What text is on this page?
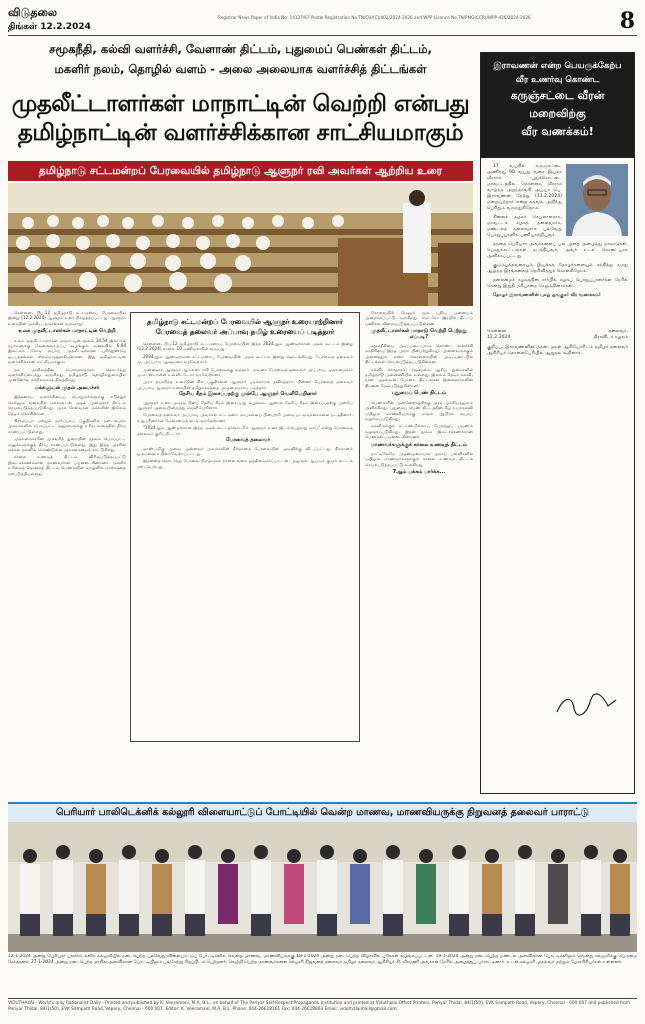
விடுதலை
திங்கள் 12.2.2024
Registrar News Paper of India No: 14127/67 Postal Registration No.TN/CH/(C)/402/2024-2026 and WPP Licence No.TN/PMG(CCR)/WPP-426/2024-2026	8
சமூகநீதி, கல்வி வளர்ச்சி, வேளாண் திட்டம், புதுமைப் பெண்கள் திட்டம்,
மகளிர் நலம், தொழில் வளம் - அலை அலையாக வளர்ச்சித் திட்டங்கள்
முதலீட்டாளர்கள் மாநாட்டின் வெற்றி என்பது
தமிழ்நாட்டின் வளர்ச்சிக்கான சாட்சியமாகும்
தமிழ்நாடு சட்டமன்றப் பேரவையில் தமிழ்நாடு ஆளுநர் ரவி அவர்கள் ஆற்றிய உரை

சென்னை, பிப்.12 தமிழ்நாடு சட்டமன்றப் பேரவையில் இன்று (12.2.2024) ஆளுநர் உரை நிகழ்த்தப்பட்டது. ஆளுநர் உரையின் முக்கிய அம்சங்கள் வருமாறு:

உலக முதலீட்டாளர்கள் மாநாட்டின் வெற்றி

உலக முதலீட்டாளர்கள் மாநாட்டின் மூலம் 14.54 இலட்சம் நபர்களுக்கு வேலைவாய்ப்பு வழங்கும் வகையில் 6.64 இலட்சம் கோடி ரூபாய் முதலீட்டிற்கான புரிந்துணர்வு ஒப்பந்தங்கள் கையெழுத்தாகியுள்ளன. இது தமிழ்நாட்டின் வளர்ச்சிக்கான சாட்சியமாகும்.

நம் மாநிலத்தின் பொருளாதாரம் தொடர்ந்து வளர்ச்சியடைந்து வருகிறது. தமிழ்நாடு தொழில்துறையில் முன்னோடி மாநிலமாகத் திகழ்கிறது.

மக்களுடன் முதல் அமைச்சர்

இத்தகைய வளர்ச்சியைப் பொதுமக்களுக்கு எடுத்துச் செல்லும் வகையில் மக்களுடன் முதல் அமைச்சர் திட்டம் செயல்படுத்தப்படுகிறது. அரசு சேவைகள் மக்களின் இல்லம் தேடிச் செல்கின்றன.

கிராமப்புற மற்றும் நகர்ப்புறப் பகுதிகளில் நடைபெற்ற முகாம்களில் பெறப்பட்ட மனுக்களுக்கு உரிய காலத்தில் தீர்வு காணப்பட்டுள்ளது.

முதலமைச்சரின் முகவரித் துறையின் மூலம் பெறப்பட்ட மனுக்களுக்குத் தீர்வு காணப்பட்டுள்ளது. இது இந்த அரசின் மக்கள் நலனில் கொண்டுள்ள அக்கறையைக் காட்டுகிறது.

காலை உணவுத் திட்டம் விரிவுபடுத்தப்பட்டு இலட்சக்கணக்கான மாணவர்கள் பயனடைகின்றனர். மகளிர் உரிமைத் தொகைத் திட்டம் பெண்களின் வாழ்வில் மாற்றத்தை ஏற்படுத்தியுள்ளது.

தமிழ்நாடு சட்டமன்றப் பேரவையில் ஆளுநர் உரையாற்றினார்
பேரவைத் தலைவர் அப்பாவு தமிழ் உரையைப் படித்தார்

சென்னை, பிப்.12 தமிழ்நாடு சட்டமன்றப் பேரவையின் இந்த 2024ஆம் ஆண்டிற்கான முதல் கூட்டம் இன்று (12.2.2024) காலை 10 மணியளவில் கூடியது.

2024ஆம் ஆண்டிற்கான சட்டமன்றப் பேரவையின் முதல் கூட்டம் இன்று தொடங்கியது. பேரவைத் தலைவர் மு. அப்பாவு ஆளுநரை வரவேற்றார்.

முன்னதாக ஆளுநர் ஆர்.என். ரவி பேரவைக்கு வந்தார். அவரை பேரவைத் தலைவர் அப்பாவு, முதலமைச்சர் மு.க. ஸ்டாலின் உள்ளிட்டோர் வரவேற்றனர்.

அரசு தயாரித்த உரையின் சில பகுதிகளை ஆளுநர் படிக்காமல் தவிர்த்தார். பின்னர் பேரவைத் தலைவர் அப்பாவு ஆளுநர் உரையின் தமிழாக்கத்தை முழுமையாகப் படித்தார்.

தேசிய கீதம் இசைப்பதற்கு முன்பே ஆளுநர் வெளியேறினார்

ஆளுநர் உரை முடிந்த பின்பு தேசிய கீதம் இசைப்பது வழக்கம். ஆனால் தேசிய கீதம் இசைப்பதற்கு முன்பே ஆளுநர் அவையிலிருந்து வெளியேறினார்.

பேரவைத் தலைவர் அப்பாவு அவர்கள் சட்டமன்ற மரபுகளைப் பின்பற்றி அவை நடவடிக்கைகளை நடத்தினார். உறுப்பினர்கள் மேசையைத் தட்டி வரவேற்றனர்.

"2024ஆம் ஆண்டிற்கான இந்த முதல் கூட்டத்தொடரில் ஆளுநர் உரை இடம்பெறுவது மரபு" என்று பேரவைத் தலைவர் குறிப்பிட்டார்.

பேரவைத் தலைவர்

மாண்புமிகு அவை முன்னவர் அவர்களின் தீர்மானம் பேரவையின் முடிவிற்கு விடப்பட்டது. தீர்மானம் ஒருமனதாக நிறைவேற்றப்பட்டது.

இதனைத் தொடர்ந்து பேரவை நிகழ்வுகள் நாளை வரை ஒத்திவைக்கப்பட்டன. அலுவல் ஆய்வுக் குழுக் கூட்டம் நடைபெற்றது.

கோவையில் மேலும் ஒரு புதிய முனையம் அமைக்கப்பட்டு வருகிறது. மெட்ரோ இரயில் திட்டப் பணிகள் விரைவுபடுத்தப்பட்டுள்ளன.

முதலீட்டாளர்கள் மாநாடு வெற்றி பெற்றது எப்படி?

சமூகநீதியை அடிப்படையாகக் கொண்ட வளர்ச்சி மாதிரியை இந்த அரசு பின்பற்றுகிறது. அனைவருக்கும் அனைத்தும் என்ற கொள்கையின் அடிப்படையில் திட்டங்கள் செயல்படுத்தப்படுகின்றன.

கல்வி, சுகாதாரம், சமூகநலம் ஆகிய துறைகளில் தமிழ்நாடு முன்னணியில் உள்ளது. இல்லம் தேடிக் கல்வி, நான் முதல்வன் போன்ற திட்டங்கள் இளைஞர்களின் திறனை மேம்படுத்துகின்றன.

புதுமைப் பெண் திட்டம்

பெண்களின் முன்னேற்றத்திற்கு அரசு முக்கியத்துவம் அளிக்கிறது. புதுமைப் பெண் திட்டத்தின் கீழ் உயர்கல்வி பயிலும் மாணவியருக்கு மாதம் ஆயிரம் ரூபாய் வழங்கப்படுகிறது.

மகளிருக்குக் கட்டணமில்லாப் பேருந்துப் பயணம் வழங்கப்படுகிறது. இதன் மூலம் இலட்சக்கணக்கான பெண்கள் பயனடைகின்றனர்.

மாணவர்களுக்குக் காலை உணவுத் திட்டம்

நாட்டிலேயே முதன்முறையாக அரசுப் பள்ளிகளில் பயிலும் மாணவர்களுக்குக் காலை உணவுத் திட்டம் செயல்படுத்தப்பட்டு வருகிறது.

7ஆம் பக்கம் பார்க்க...

இராவணன் என்ற பெயருக்கேற்ப
வீர உணர்வு கொண்ட
கருஞ்சட்டை வீரன் மறைவிற்கு
வீர வணக்கம்!

17 வயதில் கருஞ்சட்டை அணிந்து 90 வயது வரை இயக்க வீரராக புதுக்கோட்டை மாவட்டத்தில் கொள்கை வீரராக வாழ்ந்த அறந்தாங்கி அய்யா பெ. இராவணன் நேற்று (11.2.2024) மறைவுற்றார் என்ற தகவல் அறிந்து பெரிதும் வருந்துகிறோம்.

கிளைக் கழகச் செயலாளராக, மாவட்டக் கழகத் தலைவராக, மண்டலத் தலைவராக பல்வேறு பொறுப்புகளில் பணியாற்றியவர்.

தந்தை பெரியார் அவர்களைப் பல முறை அழைத்து மாநாடுகள், பொதுக்கூட்டங்கள் நடத்தியவர். அவர் உடல் கொடையாக அளிக்கப்பட்டது.

குடும்பத்தவரையும் இயக்கத் தோழர்களையும் சந்தித்து நமது ஆழ்ந்த இரங்கலைத் தெரிவித்துக் கொள்கிறோம்.

தலைமைக் கழகத்தின் சார்பில் கழகப் பொறுப்பாளர்கள் நேரில் சென்று இறுதி மரியாதை செலுத்தினார்கள்.

தோழர் இராவணனின் புகழ் ஓங்குக! வீர வணக்கம்!

சென்னை
12.2.2024
தலைவர்,
திராவிடர் கழகம்

குறிப்பு: இராவணனின் மகன், மகள் ஆகியோரிடம் தமிழர் தலைவர் ஆசிரியர் தொலைபேசியில் ஆறுதல் கூறினார்.

பெரியார் பாலிடெக்னிக் கல்லூரி விளையாட்டுப் போட்டியில் வென்ற மாணவ, மாணவியருக்கு நிறுவனத் தலைவர் பாராட்டு
12-1-2024 அன்று பெரியார் பாலிடெக்னிக் கல்லூரியில் நடைபெற்ற பல்வேறு விளையாட்டுப் போட்டிகளில் வென்ற மாணவ, மாணவியருக்கு 18-1-2024 அன்று நடைபெற்ற விழாவில் பரிசுகள் வழங்கப்பட்டன. 19-1-2024 அன்று நடைபெற்ற மண்டல அளவிலான போட்டிகளிலும் வென்று கல்லூரிக்கு பெருமை சேர்த்தனர். 27-1-2024 அன்று நடைபெற்ற மாநில அளவிலான போட்டியிலும் பங்கேற்று சிறப்பிடம் பெற்றனர். வெற்றி பெற்ற மாணவர்களை கல்லூரி நிறுவனத் தலைவர் தமிழர் தலைவர் ஆசிரியர் கி. வீரமணி அவர்கள் நேரில் அழைத்துப் பாராட்டினார். உடன் கல்லூரி முதல்வர் மற்றும் பேராசிரியர்கள் உள்ளனர்.
VIDUTHALAI - World's only Rationalist Daily - Printed and published by K. Veeramani, M.A, B.L., on behalf of The Periyar Self-Respect Propaganda Institution and printed at Viduthalai Offset Printers, Periyar Thidal, 84/1(50), EVK Sampath Road, Vepery, Chennai - 600 007 and published from Periyar Thidal, 84/1(50), EVK Sampath Road, Vepery, Chennai - 600 007. Editor: K. Veeramani, M.A, B.L. Phone: 044-26618161 Fax: 044-26618863 Email: viduthalaimail@gmail.com
